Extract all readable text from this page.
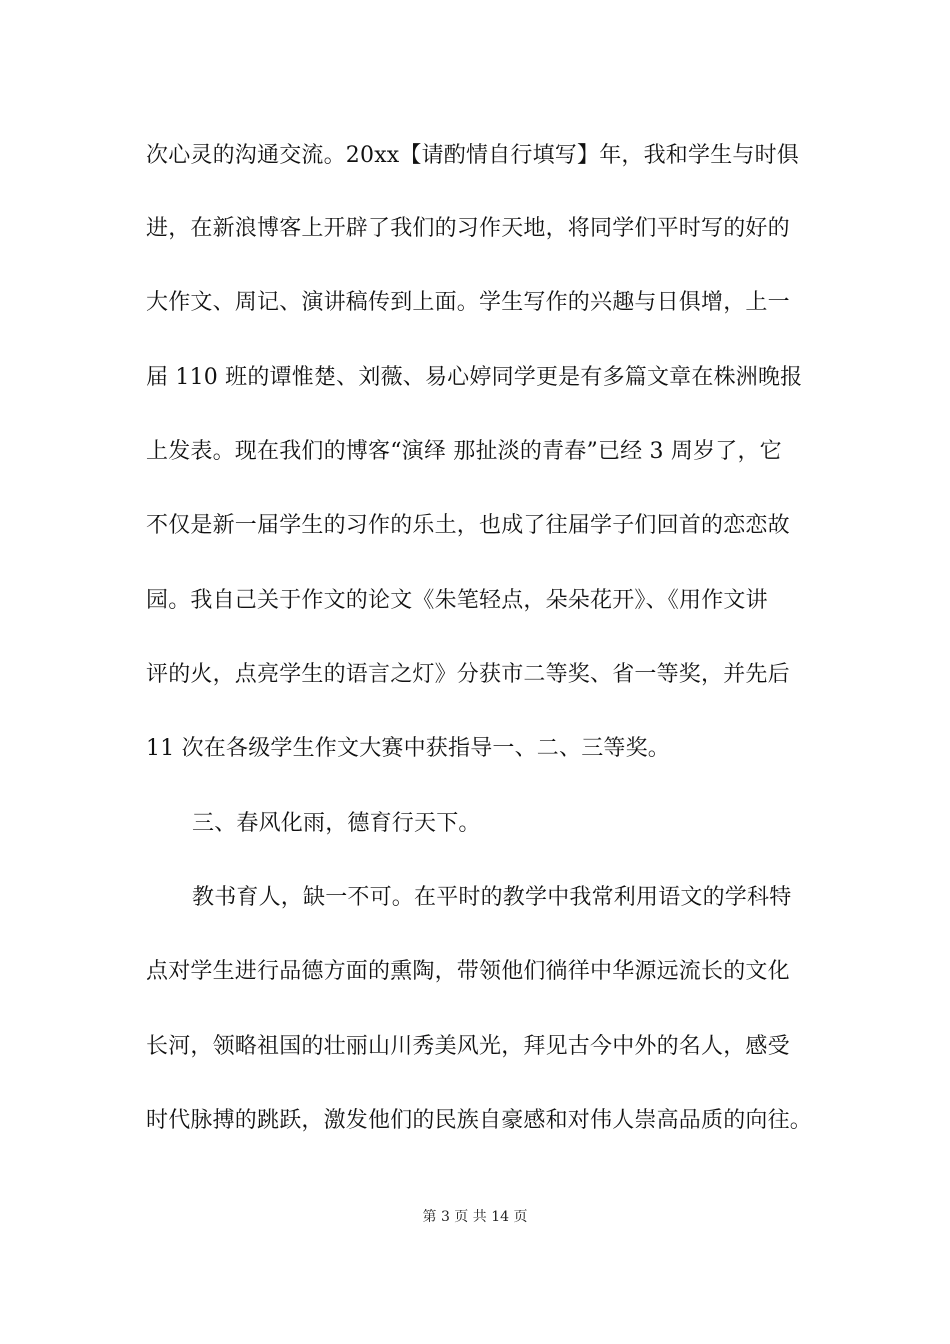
次心灵的沟通交流。20xx【请酌情自行填写】年，我和学生与时俱
进，在新浪博客上开辟了我们的习作天地，将同学们平时写的好的
大作文、周记、演讲稿传到上面。学生写作的兴趣与日俱增，上一
届 110 班的谭惟楚、刘薇、易心婷同学更是有多篇文章在株洲晚报
上发表。现在我们的博客“演绎 那扯淡的青春”已经 3 周岁了，它
不仅是新一届学生的习作的乐土，也成了往届学子们回首的恋恋故
园。我自己关于作文的论文《朱笔轻点，朵朵花开》、《用作文讲
评的火，点亮学生的语言之灯》分获市二等奖、省一等奖，并先后
11 次在各级学生作文大赛中获指导一、二、三等奖。
三、春风化雨，德育行天下。
教书育人，缺一不可。在平时的教学中我常利用语文的学科特
点对学生进行品德方面的熏陶，带领他们徜徉中华源远流长的文化
长河，领略祖国的壮丽山川秀美风光，拜见古今中外的名人，感受
时代脉搏的跳跃，激发他们的民族自豪感和对伟人崇高品质的向往。
第 3 页 共 14 页
